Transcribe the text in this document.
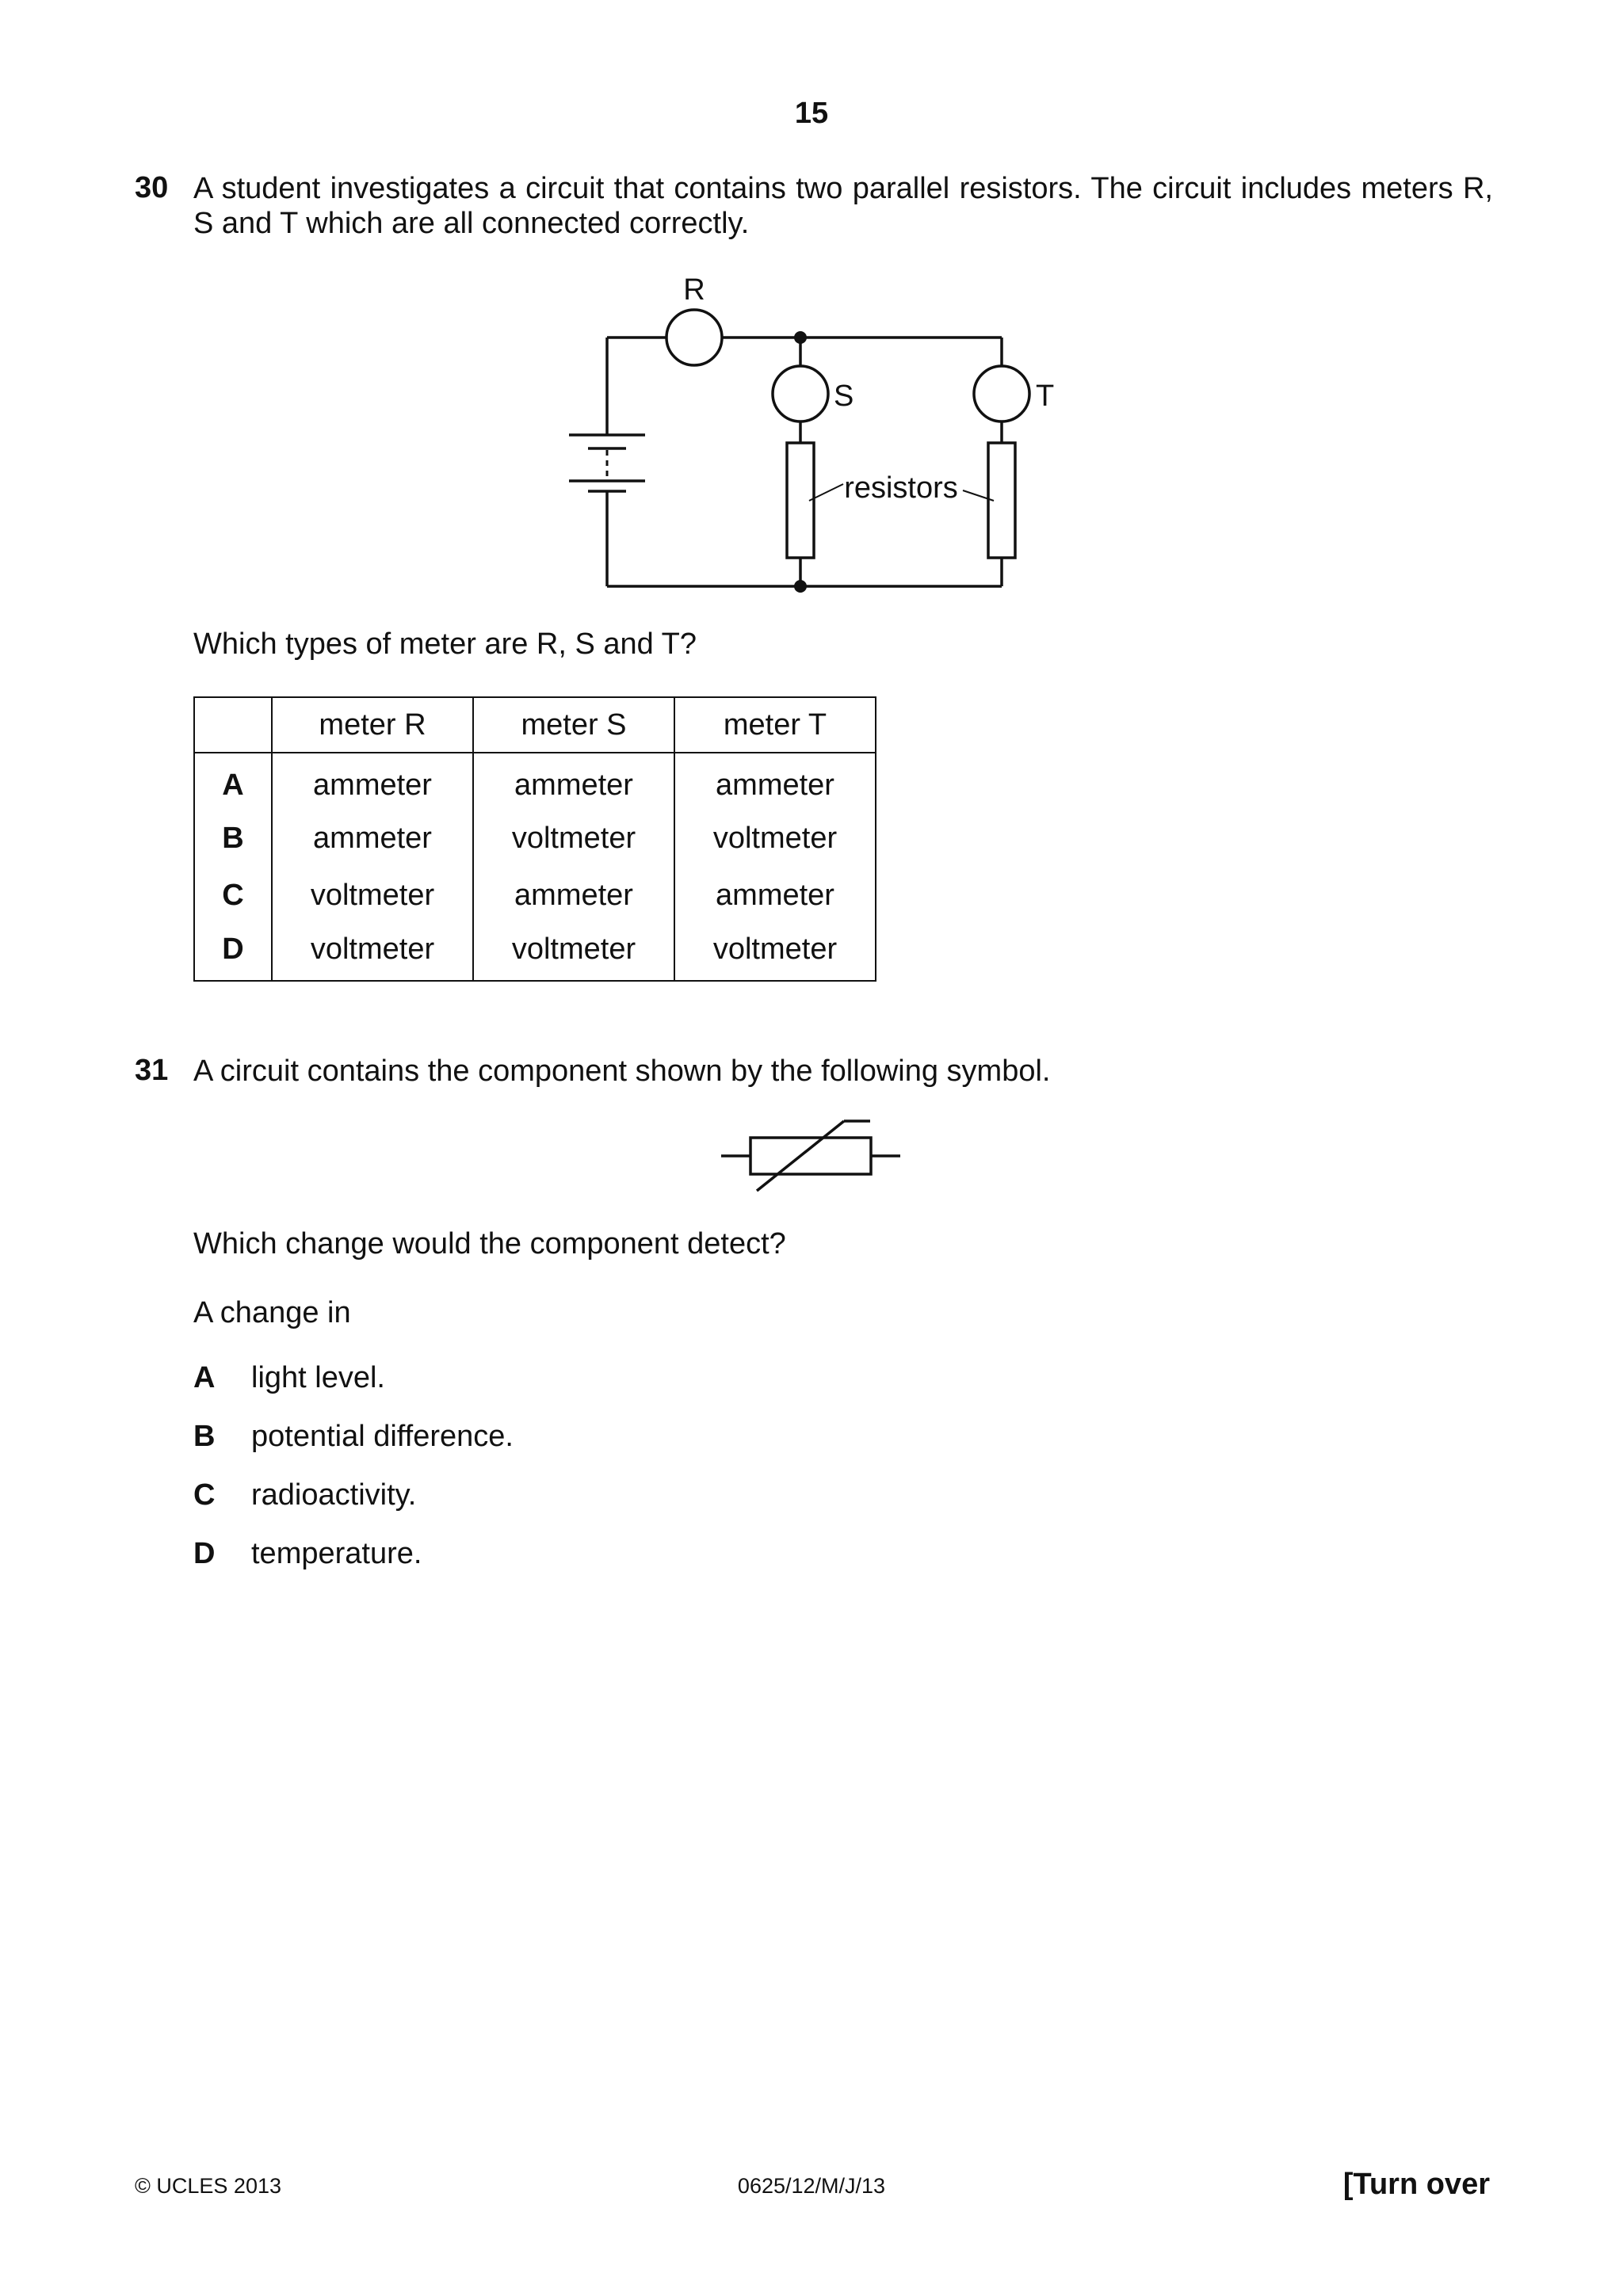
15
30 A student investigates a circuit that contains two parallel resistors. The circuit includes meters R,
S and T which are all connected correctly.
R
S	T
resistors
Which types of meter are R, S and T?
	meter R	meter S	meter T
A	ammeter	ammeter	ammeter
B	ammeter	voltmeter	voltmeter
C	voltmeter	ammeter	ammeter
D	voltmeter	voltmeter	voltmeter
31 A circuit contains the component shown by the following symbol.
Which change would the component detect?
A change in
A light level.
B potential difference.
C radioactivity.
D temperature.
© UCLES 2013	0625/12/M/J/13	[Turn over
